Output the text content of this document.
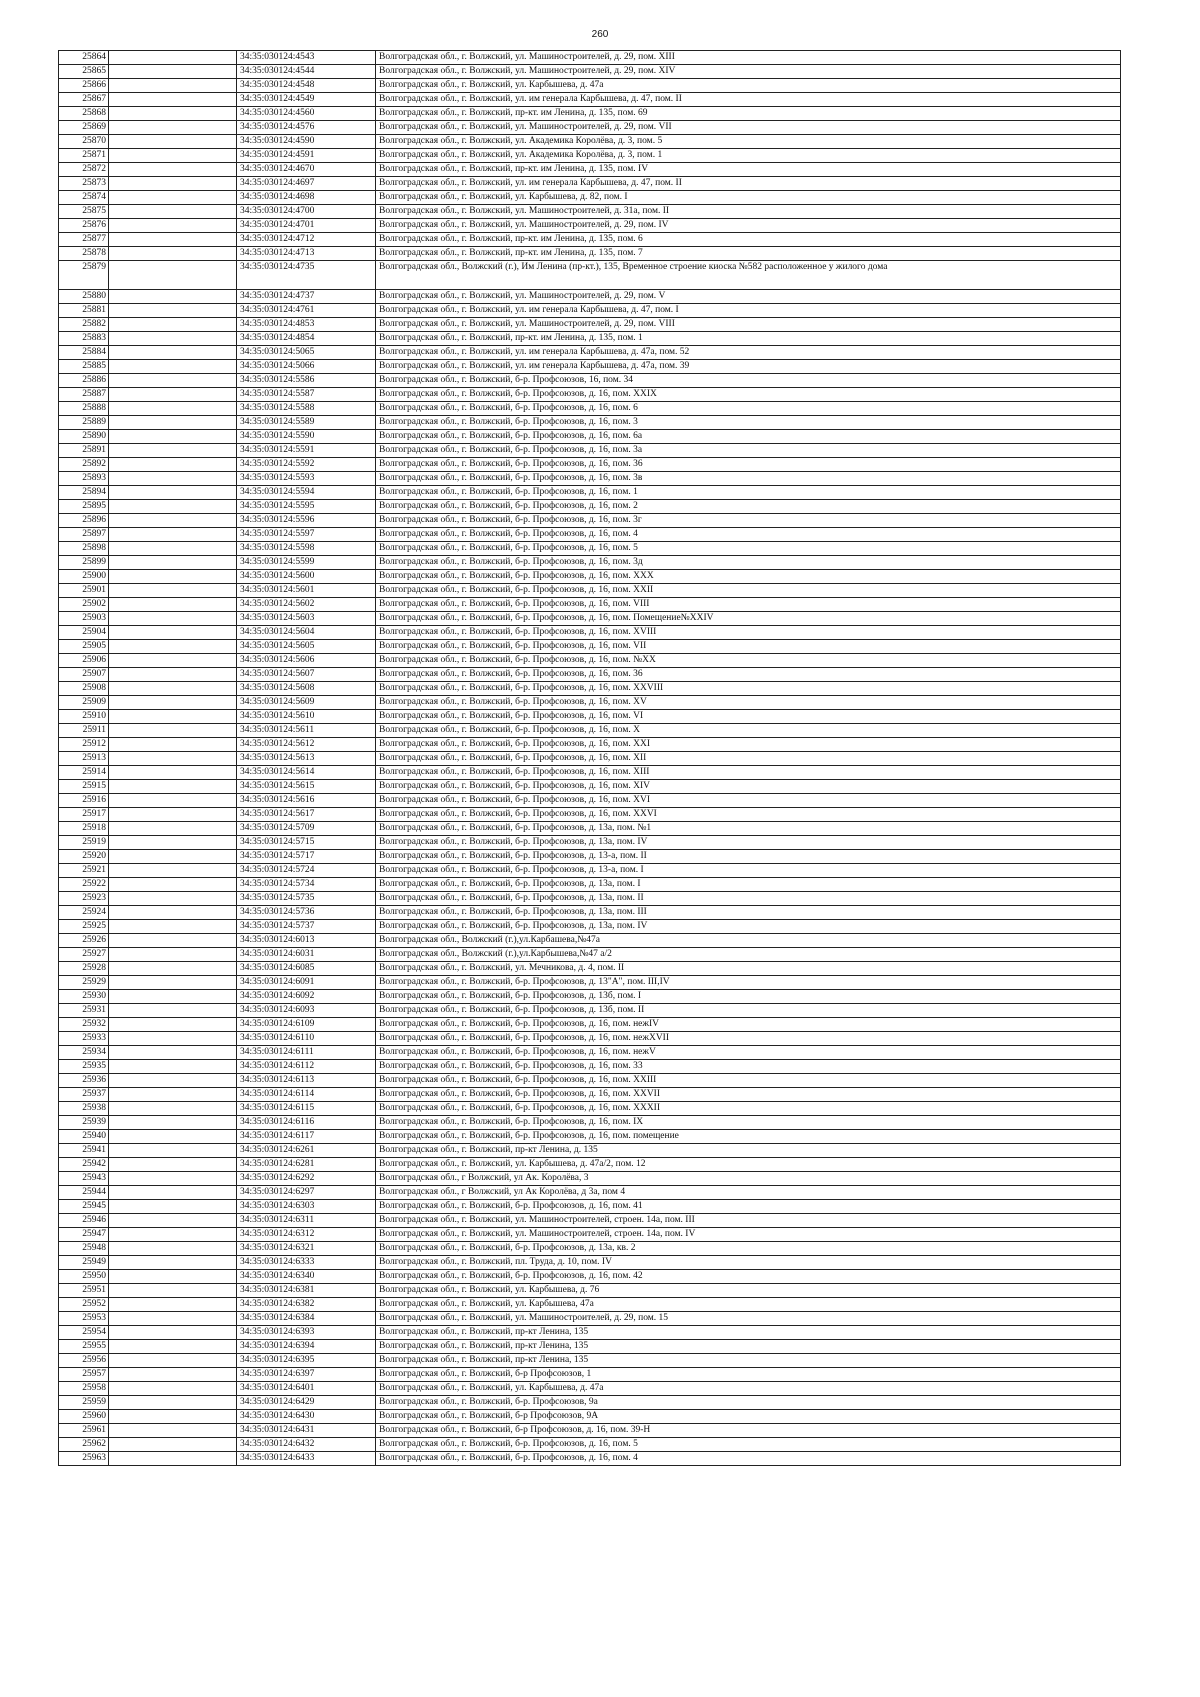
260
25864		34:35:030124:4543	Волгоградская обл., г. Волжский, ул. Машиностроителей, д. 29, пом. XIII
25865		34:35:030124:4544	Волгоградская обл., г. Волжский, ул. Машиностроителей, д. 29, пом. XIV
25866		34:35:030124:4548	Волгоградская обл., г. Волжский, ул. Карбышева, д. 47а
25867		34:35:030124:4549	Волгоградская обл., г. Волжский, ул. им генерала Карбышева, д. 47, пом. II
25868		34:35:030124:4560	Волгоградская обл., г. Волжский, пр-кт. им Ленина, д. 135, пом. 69
25869		34:35:030124:4576	Волгоградская обл., г. Волжский, ул. Машиностроителей, д. 29, пом. VII
25870		34:35:030124:4590	Волгоградская обл., г. Волжский, ул. Академика Королёва, д. 3, пом. 5
25871		34:35:030124:4591	Волгоградская обл., г. Волжский, ул. Академика Королёва, д. 3, пом. 1
25872		34:35:030124:4670	Волгоградская обл., г. Волжский, пр-кт. им Ленина, д. 135, пом. IV
25873		34:35:030124:4697	Волгоградская обл., г. Волжский, ул. им генерала Карбышева, д. 47, пом. II
25874		34:35:030124:4698	Волгоградская обл., г. Волжский, ул. Карбышева, д. 82, пом. I
25875		34:35:030124:4700	Волгоградская обл., г. Волжский, ул. Машиностроителей, д. 31а, пом. II
25876		34:35:030124:4701	Волгоградская обл., г. Волжский, ул. Машиностроителей, д. 29, пом. IV
25877		34:35:030124:4712	Волгоградская обл., г. Волжский, пр-кт. им Ленина, д. 135, пом. 6
25878		34:35:030124:4713	Волгоградская обл., г. Волжский, пр-кт. им Ленина, д. 135, пом. 7
25879		34:35:030124:4735	Волгоградская обл., Волжский (г.), Им Ленина (пр-кт.), 135, Временное строение киоска №582 расположенное у жилого дома
25880		34:35:030124:4737	Волгоградская обл., г. Волжский, ул. Машиностроителей, д. 29, пом. V
25881		34:35:030124:4761	Волгоградская обл., г. Волжский, ул. им генерала Карбышева, д. 47, пом. I
25882		34:35:030124:4853	Волгоградская обл., г. Волжский, ул. Машиностроителей, д. 29, пом. VIII
25883		34:35:030124:4854	Волгоградская обл., г. Волжский, пр-кт. им Ленина, д. 135, пом. 1
25884		34:35:030124:5065	Волгоградская обл., г. Волжский, ул. им генерала Карбышева, д. 47а, пом. 52
25885		34:35:030124:5066	Волгоградская обл., г. Волжский, ул. им генерала Карбышева, д. 47а, пом. 39
25886		34:35:030124:5586	Волгоградская обл., г. Волжский, б-р. Профсоюзов, 16, пом. 34
25887		34:35:030124:5587	Волгоградская обл., г. Волжский, б-р. Профсоюзов, д. 16, пом. XXIX
25888		34:35:030124:5588	Волгоградская обл., г. Волжский, б-р. Профсоюзов, д. 16, пом. 6
25889		34:35:030124:5589	Волгоградская обл., г. Волжский, б-р. Профсоюзов, д. 16, пом. 3
25890		34:35:030124:5590	Волгоградская обл., г. Волжский, б-р. Профсоюзов, д. 16, пом. 6а
25891		34:35:030124:5591	Волгоградская обл., г. Волжский, б-р. Профсоюзов, д. 16, пом. 3а
25892		34:35:030124:5592	Волгоградская обл., г. Волжский, б-р. Профсоюзов, д. 16, пом. 36
25893		34:35:030124:5593	Волгоградская обл., г. Волжский, б-р. Профсоюзов, д. 16, пом. 3в
25894		34:35:030124:5594	Волгоградская обл., г. Волжский, б-р. Профсоюзов, д. 16, пом. 1
25895		34:35:030124:5595	Волгоградская обл., г. Волжский, б-р. Профсоюзов, д. 16, пом. 2
25896		34:35:030124:5596	Волгоградская обл., г. Волжский, б-р. Профсоюзов, д. 16, пом. 3г
25897		34:35:030124:5597	Волгоградская обл., г. Волжский, б-р. Профсоюзов, д. 16, пом. 4
25898		34:35:030124:5598	Волгоградская обл., г. Волжский, б-р. Профсоюзов, д. 16, пом. 5
25899		34:35:030124:5599	Волгоградская обл., г. Волжский, б-р. Профсоюзов, д. 16, пом. 3д
25900		34:35:030124:5600	Волгоградская обл., г. Волжский, б-р. Профсоюзов, д. 16, пом. XXX
25901		34:35:030124:5601	Волгоградская обл., г. Волжский, б-р. Профсоюзов, д. 16, пом. XXII
25902		34:35:030124:5602	Волгоградская обл., г. Волжский, б-р. Профсоюзов, д. 16, пом. VIII
25903		34:35:030124:5603	Волгоградская обл., г. Волжский, б-р. Профсоюзов, д. 16, пом. Помещение№XXIV
25904		34:35:030124:5604	Волгоградская обл., г. Волжский, б-р. Профсоюзов, д. 16, пом. XVIII
25905		34:35:030124:5605	Волгоградская обл., г. Волжский, б-р. Профсоюзов, д. 16, пом. VII
25906		34:35:030124:5606	Волгоградская обл., г. Волжский, б-р. Профсоюзов, д. 16, пом. №XX
25907		34:35:030124:5607	Волгоградская обл., г. Волжский, б-р. Профсоюзов, д. 16, пом. 36
25908		34:35:030124:5608	Волгоградская обл., г. Волжский, б-р. Профсоюзов, д. 16, пом. XXVIII
25909		34:35:030124:5609	Волгоградская обл., г. Волжский, б-р. Профсоюзов, д. 16, пом. XV
25910		34:35:030124:5610	Волгоградская обл., г. Волжский, б-р. Профсоюзов, д. 16, пом. VI
25911		34:35:030124:5611	Волгоградская обл., г. Волжский, б-р. Профсоюзов, д. 16, пом. X
25912		34:35:030124:5612	Волгоградская обл., г. Волжский, б-р. Профсоюзов, д. 16, пом. XXI
25913		34:35:030124:5613	Волгоградская обл., г. Волжский, б-р. Профсоюзов, д. 16, пом. XII
25914		34:35:030124:5614	Волгоградская обл., г. Волжский, б-р. Профсоюзов, д. 16, пом. XIII
25915		34:35:030124:5615	Волгоградская обл., г. Волжский, б-р. Профсоюзов, д. 16, пом. XIV
25916		34:35:030124:5616	Волгоградская обл., г. Волжский, б-р. Профсоюзов, д. 16, пом. XVI
25917		34:35:030124:5617	Волгоградская обл., г. Волжский, б-р. Профсоюзов, д. 16, пом. XXVI
25918		34:35:030124:5709	Волгоградская обл., г. Волжский, б-р. Профсоюзов, д. 13а, пом. №1
25919		34:35:030124:5715	Волгоградская обл., г. Волжский, б-р. Профсоюзов, д. 13а, пом. IV
25920		34:35:030124:5717	Волгоградская обл., г. Волжский, б-р. Профсоюзов, д. 13-а, пом. II
25921		34:35:030124:5724	Волгоградская обл., г. Волжский, б-р. Профсоюзов, д. 13-а, пом. I
25922		34:35:030124:5734	Волгоградская обл., г. Волжский, б-р. Профсоюзов, д. 13а, пом. I
25923		34:35:030124:5735	Волгоградская обл., г. Волжский, б-р. Профсоюзов, д. 13а, пом. II
25924		34:35:030124:5736	Волгоградская обл., г. Волжский, б-р. Профсоюзов, д. 13а, пом. III
25925		34:35:030124:5737	Волгоградская обл., г. Волжский, б-р. Профсоюзов, д. 13а, пом. IV
25926		34:35:030124:6013	Волгоградская обл., Волжский (г.),ул.Карбашева,№47а
25927		34:35:030124:6031	Волгоградская обл., Волжский (г.),ул.Карбышева,№47 а/2
25928		34:35:030124:6085	Волгоградская обл., г. Волжский, ул. Мечникова, д. 4, пом. II
25929		34:35:030124:6091	Волгоградская обл., г. Волжский, б-р. Профсоюзов, д. 13"А", пом. III,IV
25930		34:35:030124:6092	Волгоградская обл., г. Волжский, б-р. Профсоюзов, д. 13б, пом. I
25931		34:35:030124:6093	Волгоградская обл., г. Волжский, б-р. Профсоюзов, д. 13б, пом. II
25932		34:35:030124:6109	Волгоградская обл., г. Волжский, б-р. Профсоюзов, д. 16, пом. нежIV
25933		34:35:030124:6110	Волгоградская обл., г. Волжский, б-р. Профсоюзов, д. 16, пом. нежXVII
25934		34:35:030124:6111	Волгоградская обл., г. Волжский, б-р. Профсоюзов, д. 16, пом. нежV
25935		34:35:030124:6112	Волгоградская обл., г. Волжский, б-р. Профсоюзов, д. 16, пом. 33
25936		34:35:030124:6113	Волгоградская обл., г. Волжский, б-р. Профсоюзов, д. 16, пом. XXIII
25937		34:35:030124:6114	Волгоградская обл., г. Волжский, б-р. Профсоюзов, д. 16, пом. XXVII
25938		34:35:030124:6115	Волгоградская обл., г. Волжский, б-р. Профсоюзов, д. 16, пом. XXXII
25939		34:35:030124:6116	Волгоградская обл., г. Волжский, б-р. Профсоюзов, д. 16, пом. IX
25940		34:35:030124:6117	Волгоградская обл., г. Волжский, б-р. Профсоюзов, д. 16, пом. помещение
25941		34:35:030124:6261	Волгоградская обл., г. Волжский, пр-кт Ленина, д. 135
25942		34:35:030124:6281	Волгоградская обл., г. Волжский, ул. Карбышева, д. 47а/2, пом. 12
25943		34:35:030124:6292	Волгоградская обл., г Волжский, ул Ак. Королёва, 3
25944		34:35:030124:6297	Волгоградская обл., г Волжский, ул Ак Королёва, д 3а, пом 4
25945		34:35:030124:6303	Волгоградская обл., г. Волжский, б-р. Профсоюзов, д. 16, пом. 41
25946		34:35:030124:6311	Волгоградская обл., г. Волжский, ул. Машиностроителей, строен. 14а, пом. III
25947		34:35:030124:6312	Волгоградская обл., г. Волжский, ул. Машиностроителей, строен. 14а, пом. IV
25948		34:35:030124:6321	Волгоградская обл., г. Волжский, б-р. Профсоюзов, д. 13а, кв. 2
25949		34:35:030124:6333	Волгоградская обл., г. Волжский, пл. Труда, д. 10, пом. IV
25950		34:35:030124:6340	Волгоградская обл., г. Волжский, б-р. Профсоюзов, д. 16, пом. 42
25951		34:35:030124:6381	Волгоградская обл., г. Волжский, ул. Карбышева, д. 76
25952		34:35:030124:6382	Волгоградская обл., г. Волжский, ул. Карбышева, 47а
25953		34:35:030124:6384	Волгоградская обл., г. Волжский, ул. Машиностроителей, д. 29, пом. 15
25954		34:35:030124:6393	Волгоградская обл., г. Волжский, пр-кт Ленина, 135
25955		34:35:030124:6394	Волгоградская обл., г. Волжский, пр-кт Ленина, 135
25956		34:35:030124:6395	Волгоградская обл., г. Волжский, пр-кт Ленина, 135
25957		34:35:030124:6397	Волгоградская обл., г. Волжский, б-р Профсоюзов, 1
25958		34:35:030124:6401	Волгоградская обл., г. Волжский, ул. Карбышева, д. 47а
25959		34:35:030124:6429	Волгоградская обл., г. Волжский, б-р. Профсоюзов, 9а
25960		34:35:030124:6430	Волгоградская обл., г. Волжский, б-р Профсоюзов, 9А
25961		34:35:030124:6431	Волгоградская обл., г. Волжский, б-р Профсоюзов, д. 16, пом. 39-Н
25962		34:35:030124:6432	Волгоградская обл., г. Волжский, б-р. Профсоюзов, д. 16, пом. 5
25963		34:35:030124:6433	Волгоградская обл., г. Волжский, б-р. Профсоюзов, д. 16, пом. 4
